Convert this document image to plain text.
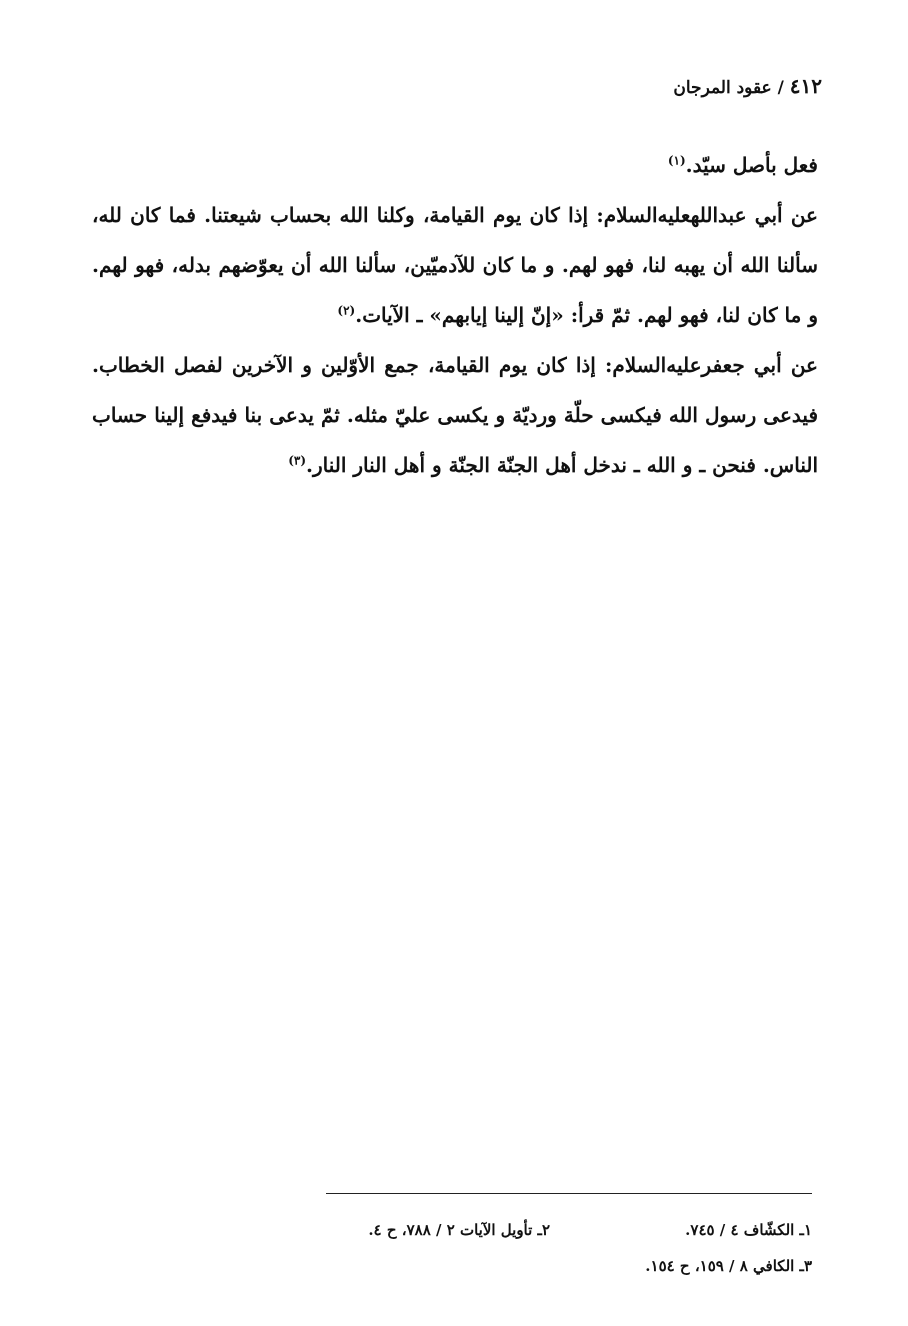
٤١٢ / عقود المرجان

فعل بأصل سيّد.$^{(١)}$

عن أبي عبداللهعليه‌السلام: إذا كان يوم القيامة، وكلنا الله بحساب شيعتنا. فما كان لله، سألنا الله أن يهبه لنا، فهو لهم. و ما كان للآدميّين، سألنا الله أن يعوّضهم بدله، فهو لهم. و ما كان لنا، فهو لهم. ثمّ قرأ: «إنّ إلينا إيابهم» ـ الآيات.$^{(٢)}$

عن أبي جعفرعليه‌السلام: إذا كان يوم القيامة، جمع الأوّلين و الآخرين لفصل الخطاب. فيدعى رسول الله فيكسى حلّة ورديّة و يكسى عليّ مثله. ثمّ يدعى بنا فيدفع إلينا حساب الناس. فنحن ـ و الله ـ ندخل أهل الجنّة الجنّة و أهل النار النار.$^{(٣)}$

١ـ الكشّاف ٤ / ٧٤٥.
٢ـ تأويل الآيات ٢ / ٧٨٨، ح ٤.
٣ـ الكافي ٨ / ١٥٩، ح ١٥٤.
